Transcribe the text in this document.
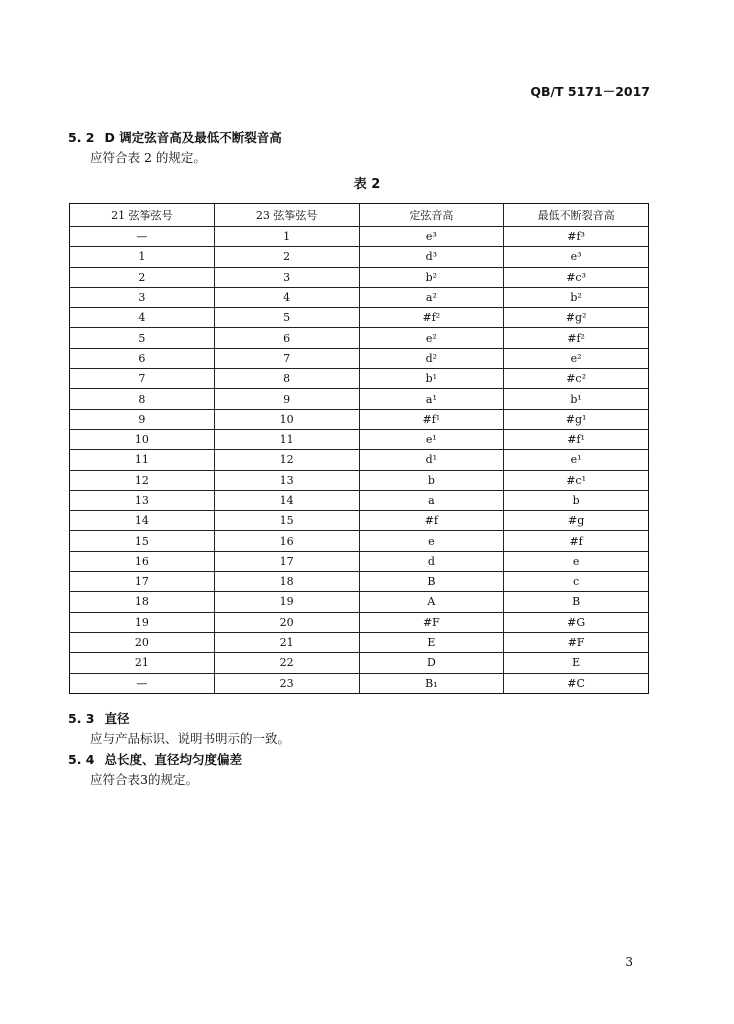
QB/T 5171－2017
5. 2 D 调定弦音高及最低不断裂音高
应符合表 2 的规定。
表 2
21 弦筝弦号	23 弦筝弦号	定弦音高	最低不断裂音高
—	1	e³	#f³
1	2	d³	e³
2	3	b²	#c³
3	4	a²	b²
4	5	#f²	#g²
5	6	e²	#f²
6	7	d²	e²
7	8	b¹	#c²
8	9	a¹	b¹
9	10	#f¹	#g¹
10	11	e¹	#f¹
11	12	d¹	e¹
12	13	b	#c¹
13	14	a	b
14	15	#f	#g
15	16	e	#f
16	17	d	e
17	18	B	c
18	19	A	B
19	20	#F	#G
20	21	E	#F
21	22	D	E
—	23	B₁	#C
5. 3 直径
应与产品标识、说明书明示的一致。
5. 4 总长度、直径均匀度偏差
应符合表3的规定。
3
